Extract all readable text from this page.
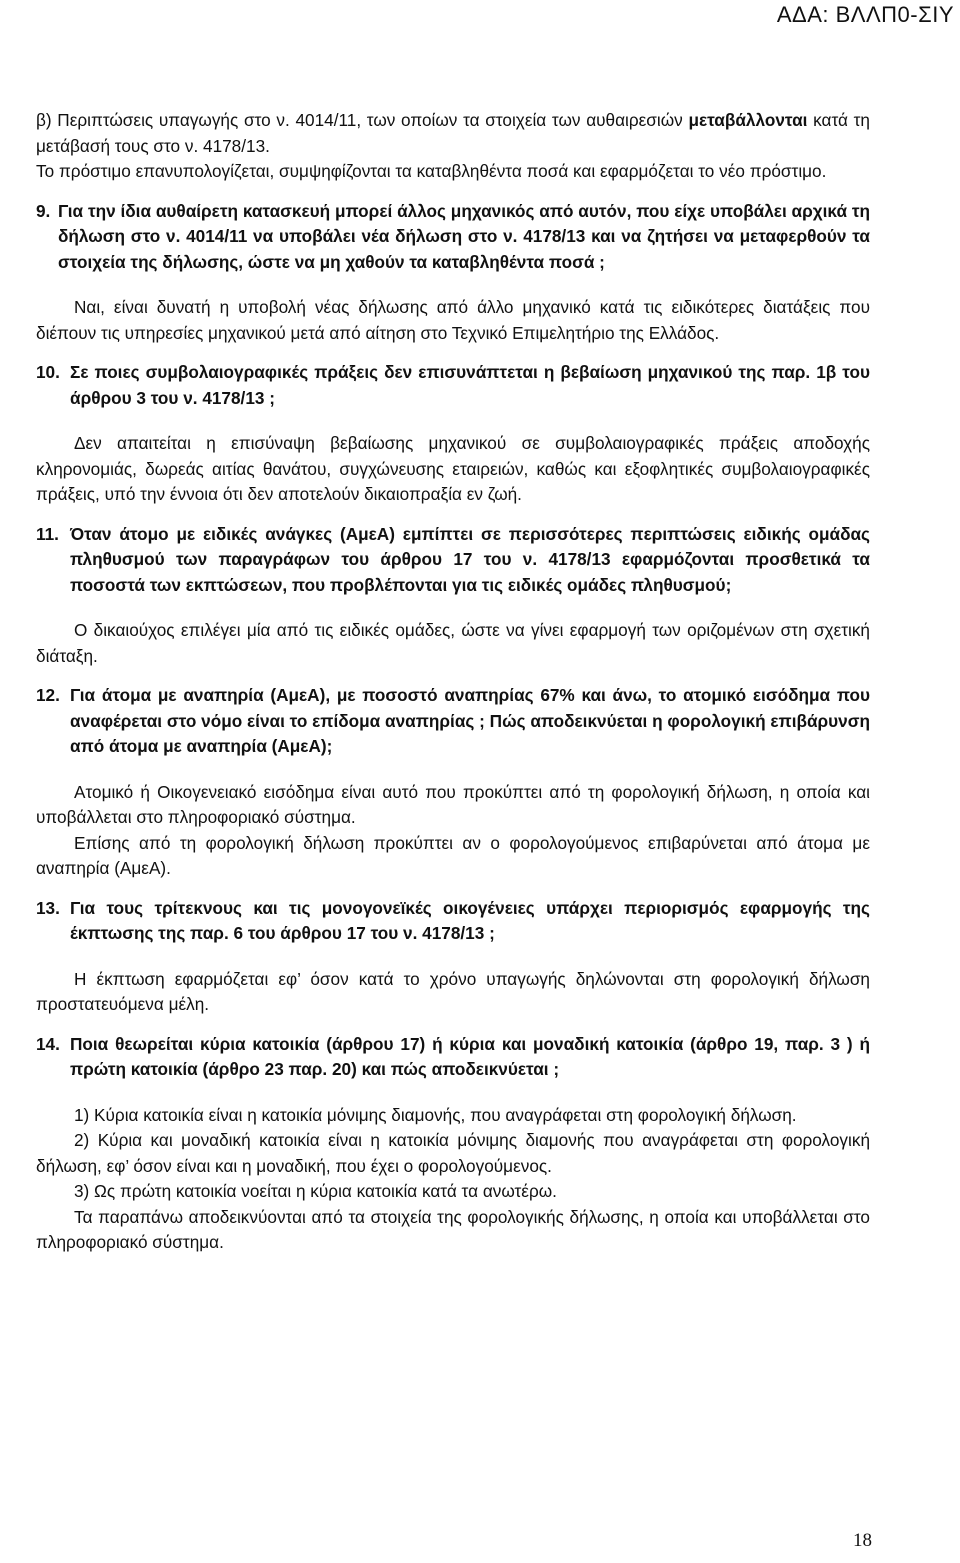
ΑΔΑ: ΒΛΛΠ0-ΣΙΥ

β) Περιπτώσεις υπαγωγής στο ν. 4014/11, των οποίων τα στοιχεία των αυθαιρεσιών μεταβάλλονται κατά τη μετάβασή τους στο ν. 4178/13.

Το πρόστιμο επανυπολογίζεται, συμψηφίζονται τα καταβληθέντα ποσά και εφαρμόζεται το νέο πρόστιμο.

9. Για την ίδια αυθαίρετη κατασκευή μπορεί άλλος μηχανικός από αυτόν, που είχε υποβάλει αρχικά τη δήλωση στο ν. 4014/11 να υποβάλει νέα δήλωση στο ν. 4178/13 και να ζητήσει να μεταφερθούν τα στοιχεία της δήλωσης, ώστε να μη χαθούν τα καταβληθέντα ποσά ;

Ναι, είναι δυνατή η υποβολή νέας δήλωσης από άλλο μηχανικό κατά τις ειδικότερες διατάξεις που διέπουν τις υπηρεσίες μηχανικού μετά από αίτηση στο Τεχνικό Επιμελητήριο της Ελλάδος.

10. Σε ποιες συμβολαιογραφικές πράξεις δεν επισυνάπτεται η βεβαίωση μηχανικού της παρ. 1β του άρθρου 3 του ν. 4178/13 ;

Δεν απαιτείται η επισύναψη βεβαίωσης μηχανικού σε συμβολαιογραφικές πράξεις αποδοχής κληρονομιάς, δωρεάς αιτίας θανάτου, συγχώνευσης εταιρειών, καθώς και εξοφλητικές συμβολαιογραφικές πράξεις, υπό την έννοια ότι δεν αποτελούν δικαιοπραξία εν ζωή.

11. Όταν άτομο με ειδικές ανάγκες (ΑμεΑ) εμπίπτει σε περισσότερες περιπτώσεις ειδικής ομάδας πληθυσμού των παραγράφων του άρθρου 17 του ν. 4178/13 εφαρμόζονται προσθετικά τα ποσοστά των εκπτώσεων, που προβλέπονται για τις ειδικές ομάδες πληθυσμού;

Ο δικαιούχος επιλέγει μία από τις ειδικές ομάδες, ώστε να γίνει εφαρμογή των οριζομένων στη σχετική διάταξη.

12. Για άτομα με αναπηρία (ΑμεΑ), με ποσοστό αναπηρίας 67% και άνω, το ατομικό εισόδημα που αναφέρεται στο νόμο είναι το επίδομα αναπηρίας ; Πώς αποδεικνύεται η φορολογική επιβάρυνση από άτομα με αναπηρία (ΑμεΑ);

Ατομικό ή Οικογενειακό εισόδημα είναι αυτό που προκύπτει από τη φορολογική δήλωση, η οποία και υποβάλλεται στο πληροφοριακό σύστημα.

Επίσης από τη φορολογική δήλωση προκύπτει αν ο φορολογούμενος επιβαρύνεται από άτομα με αναπηρία (ΑμεΑ).

13. Για τους τρίτεκνους και τις μονογονεϊκές οικογένειες υπάρχει περιορισμός εφαρμογής της έκπτωσης της παρ. 6 του άρθρου 17 του ν. 4178/13 ;

Η έκπτωση εφαρμόζεται εφ’ όσον κατά το χρόνο υπαγωγής δηλώνονται στη φορολογική δήλωση προστατευόμενα μέλη.

14. Ποια θεωρείται κύρια κατοικία (άρθρου 17) ή κύρια και μοναδική κατοικία (άρθρο 19, παρ. 3 ) ή πρώτη κατοικία (άρθρο 23 παρ. 20) και πώς αποδεικνύεται ;

1) Κύρια κατοικία είναι η κατοικία μόνιμης διαμονής, που αναγράφεται στη φορολογική δήλωση.

2) Κύρια και μοναδική κατοικία είναι η κατοικία μόνιμης διαμονής που αναγράφεται στη φορολογική δήλωση, εφ’ όσον είναι και η μοναδική, που έχει ο φορολογούμενος.

3) Ως πρώτη κατοικία νοείται η κύρια κατοικία κατά τα ανωτέρω.

Τα παραπάνω αποδεικνύονται από τα στοιχεία της φορολογικής δήλωσης, η οποία και υποβάλλεται στο πληροφοριακό σύστημα.

18
